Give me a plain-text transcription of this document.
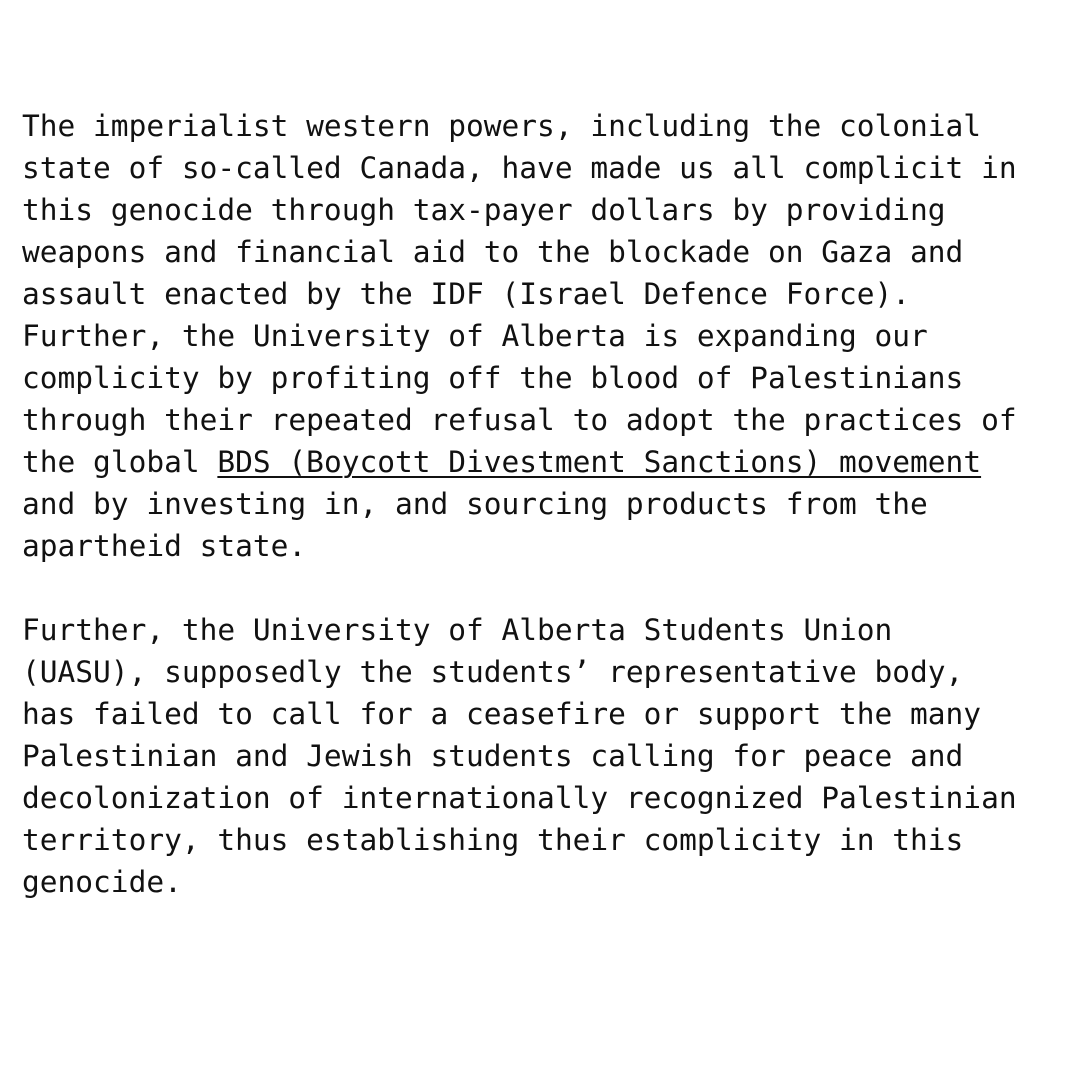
The imperialist western powers, including the colonial
state of so-called Canada, have made us all complicit in
this genocide through tax-payer dollars by providing
weapons and financial aid to the blockade on Gaza and
assault enacted by the IDF (Israel Defence Force).
Further, the University of Alberta is expanding our
complicity by profiting off the blood of Palestinians
through their repeated refusal to adopt the practices of
the global BDS (Boycott Divestment Sanctions) movement
and by investing in, and sourcing products from the
apartheid state.
Further, the University of Alberta Students Union
(UASU), supposedly the students’ representative body,
has failed to call for a ceasefire or support the many
Palestinian and Jewish students calling for peace and
decolonization of internationally recognized Palestinian
territory, thus establishing their complicity in this
genocide.
